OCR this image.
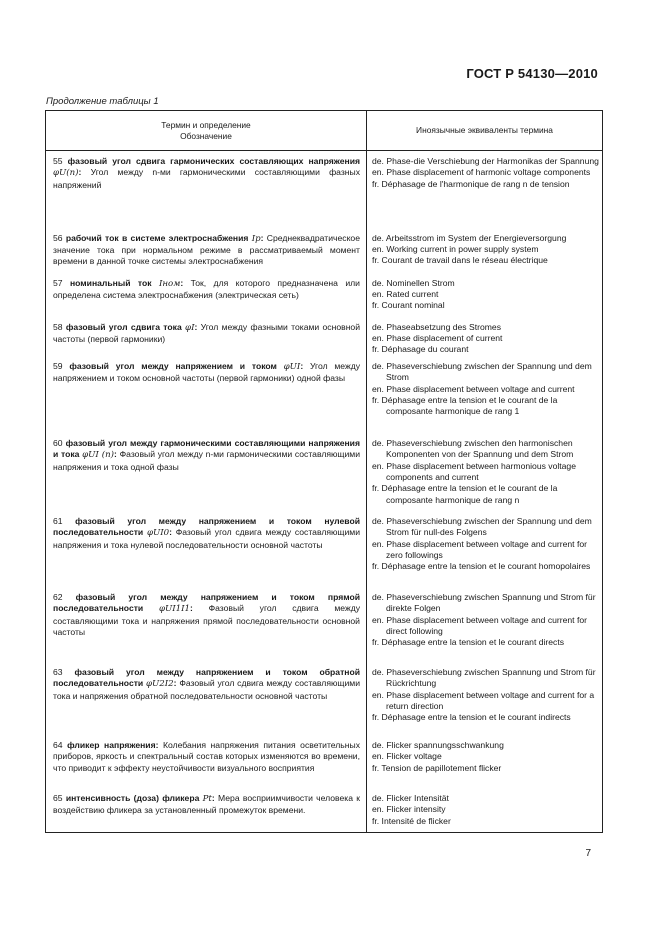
ГОСТ Р 54130—2010
Продолжение таблицы 1
Термин и определение
Обозначение	Иноязычные эквиваленты термина
55 фазовый угол сдвига гармонических составляющих напряжения φU(n): Угол между n-ми гармоническими составляющими фазных напряжений	de. Phase-die Verschiebung der Harmonikas der Spannung
en. Phase displacement of harmonic voltage components
fr. Déphasage de l'harmonique de rang n de tension

56 рабочий ток в системе электроснабжения Ip: Среднеквадратическое значение тока при нормальном режиме в рассматриваемый момент времени в данной точке системы электроснабжения	de. Arbeitsstrom im System der Energieversorgung
en. Working current in power supply system
fr. Courant de travail dans le réseau électrique

57 номинальный ток Iном: Ток, для которого предназначена или определена система электроснабжения (электрическая сеть)	de. Nominellen Strom
en. Rated current
fr. Courant nominal

58 фазовый угол сдвига тока φI: Угол между фазными токами основной частоты (первой гармоники)	de. Phaseabsetzung des Stromes
en. Phase displacement of current
fr. Déphasage du courant

59 фазовый угол между напряжением и током φUI: Угол между напряжением и током основной частоты (первой гармоники) одной фазы	de. Phaseverschiebung zwischen der Spannung und dem Strom
en. Phase displacement between voltage and current
fr. Déphasage entre la tension et le courant de la composante harmonique de rang 1

60 фазовый угол между гармоническими составляющими напряжения и тока φUI (n): Фазовый угол между n-ми гармоническими составляющими напряжения и тока одной фазы	de. Phaseverschiebung zwischen den harmonischen Komponenten von der Spannung und dem Strom
en. Phase displacement between harmonious voltage components and current
fr. Déphasage entre la tension et le courant de la composante harmonique de rang n

61 фазовый угол между напряжением и током нулевой последовательности φUI0: Фазовый угол сдвига между составляющими напряжения и тока нулевой последовательности основной частоты	de. Phaseverschiebung zwischen der Spannung und dem Strom für null-des Folgens
en. Phase displacement between voltage and current for zero followings
fr. Déphasage entre la tension et le courant homopolaires

62 фазовый угол между напряжением и током прямой последовательности φUI1I1: Фазовый угол сдвига между составляющими тока и напряжения прямой последовательности основной частоты	de. Phaseverschiebung zwischen Spannung und Strom für direkte Folgen
en. Phase displacement between voltage and current for direct following
fr. Déphasage entre la tension et le courant directs

63 фазовый угол между напряжением и током обратной последовательности φU2I2: Фазовый угол сдвига между составляющими тока и напряжения обратной последовательности основной частоты	de. Phaseverschiebung zwischen Spannung und Strom für Rückrichtung
en. Phase displacement between voltage and current for a return direction
fr. Déphasage entre la tension et le courant indirects

64 фликер напряжения: Колебания напряжения питания осветительных приборов, яркость и спектральный состав которых изменяются во времени, что приводит к эффекту неустойчивости визуального восприятия	de. Flicker spannungsschwankung
en. Flicker voltage
fr. Tension de papillotement flicker

65 интенсивность (доза) фликера Pt: Мера восприимчивости человека к воздействию фликера за установленный промежуток времени.	de. Flicker Intensität
en. Flicker intensity
fr. Intensité de flicker
7
